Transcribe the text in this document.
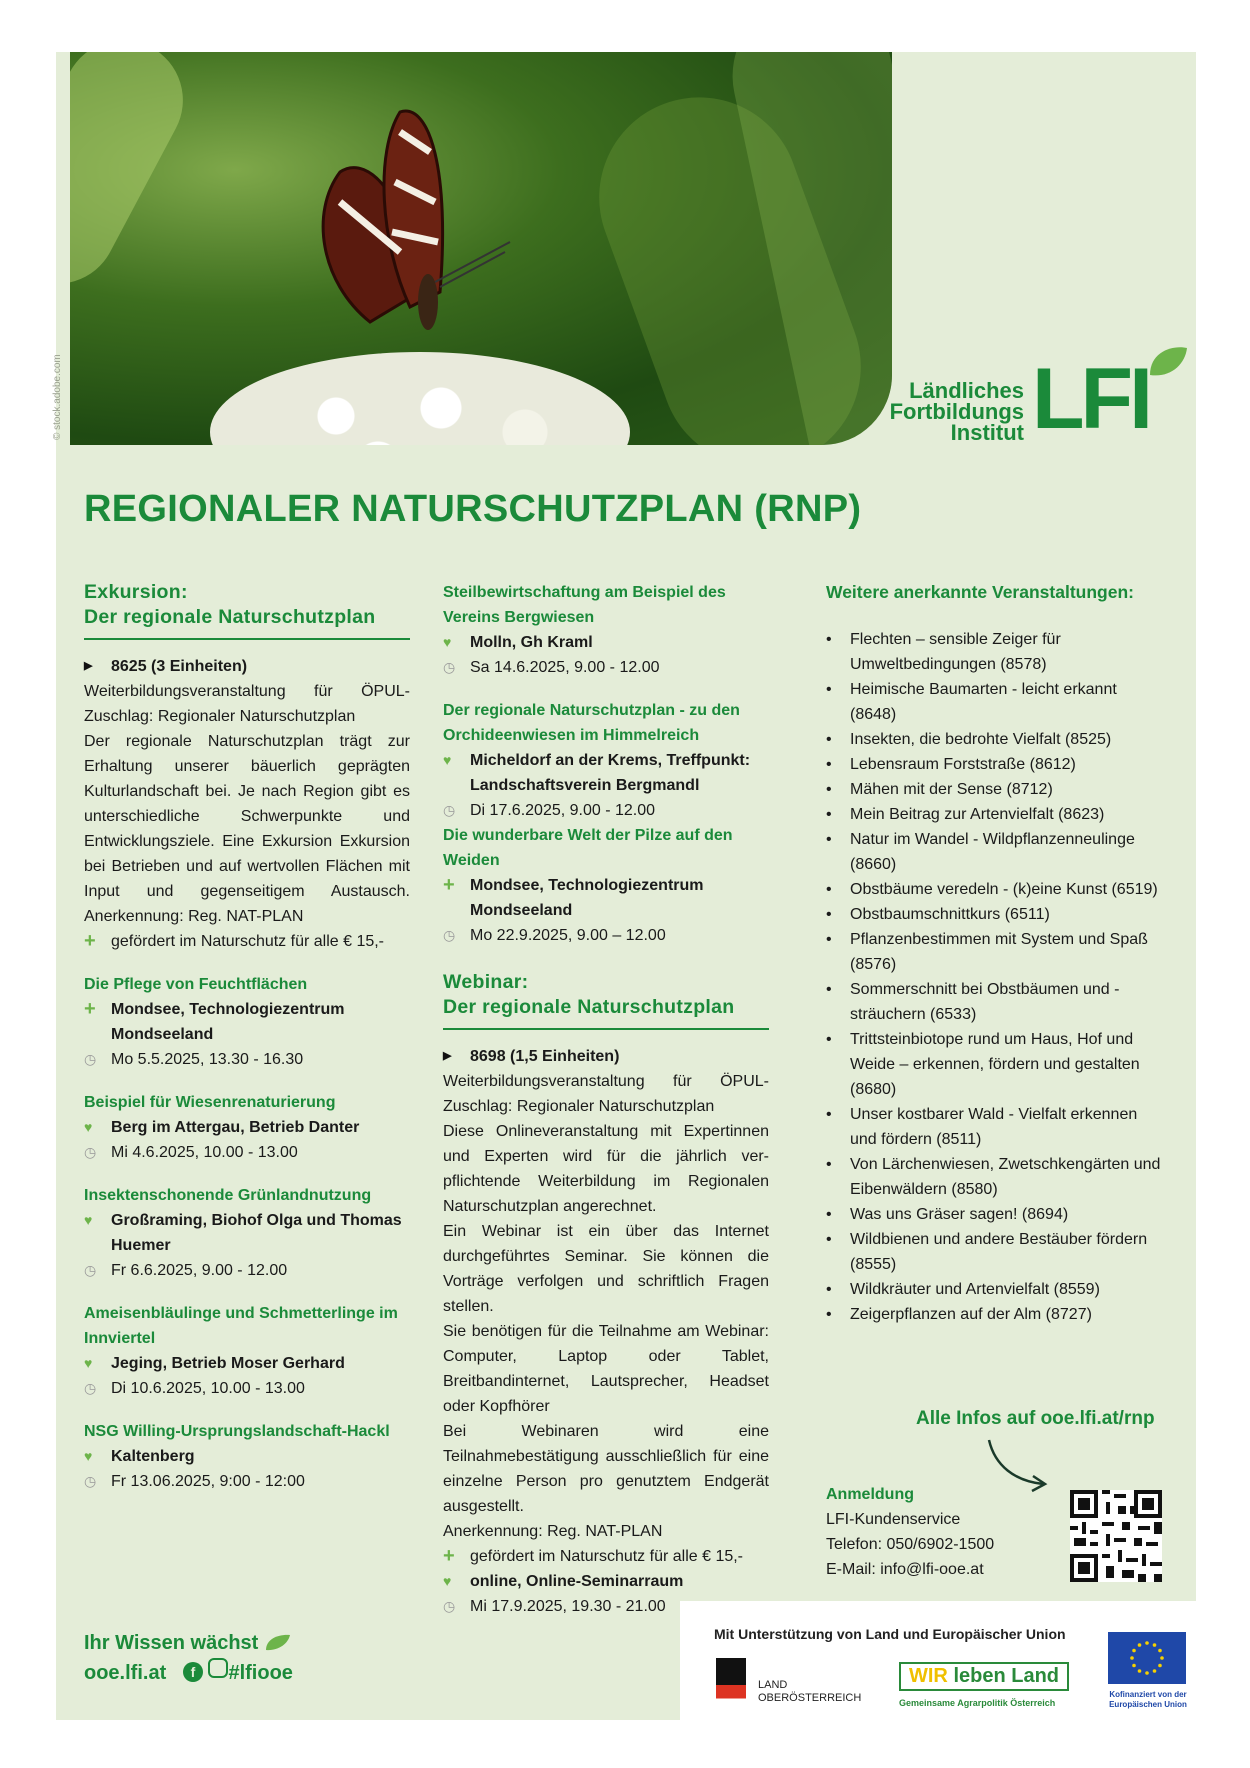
© stock.adobe.com	Ländliches
Fortbildungs
Institut LFI
REGIONALER NATURSCHUTZPLAN (RNP)
Exkursion:
Der regionale Naturschutzplan
▶	8625 (3 Einheiten)
Weiterbildungsveranstaltung für ÖPUL-Zuschlag: Regionaler Naturschutzplan
Der regionale Naturschutzplan trägt zur Erhaltung unserer bäuerlich geprägten Kulturlandschaft bei. Je nach Region gibt es unterschiedliche Schwerpunkte und Entwicklungsziele. Eine Exkursion Exkursion bei Betrieben und auf wertvollen Flächen mit Input und gegenseitigem Austausch. Anerkennung: Reg. NAT-PLAN
+ gefördert im Naturschutz für alle € 15,-
Die Pflege von Feuchtflächen
+ Mondsee, Technologiezentrum Mondseeland
◷ Mo 5.5.2025, 13.30 - 16.30
Beispiel für Wiesenrenaturierung
♥	Berg im Attergau, Betrieb Danter
◷ Mi 4.6.2025, 10.00 - 13.00
Insektenschonende Grünlandnutzung
♥	Großraming, Biohof Olga und Thomas Huemer
◷ Fr 6.6.2025, 9.00 - 12.00
Ameisenbläulinge und Schmetterlinge im Innviertel
♥	Jeging, Betrieb Moser Gerhard
◷ Di 10.6.2025, 10.00 - 13.00
NSG Willing-Ursprungslandschaft-Hackl
♥	Kaltenberg
◷ Fr 13.06.2025, 9:00 - 12:00
Steilbewirtschaftung am Beispiel des Vereins Bergwiesen
♥	Molln, Gh Kraml
◷ Sa 14.6.2025, 9.00 - 12.00
Der regionale Naturschutzplan - zu den Orchideenwiesen im Himmelreich
♥	Micheldorf an der Krems, Treffpunkt: Landschaftsverein Bergmandl
◷ Di 17.6.2025, 9.00 - 12.00
Die wunderbare Welt der Pilze auf den Weiden
+ Mondsee, Technologiezentrum Mondseeland
◷ Mo 22.9.2025, 9.00 – 12.00
Webinar:
Der regionale Naturschutzplan
▶	8698 (1,5 Einheiten)
Weiterbildungsveranstaltung für ÖPUL-Zuschlag: Regionaler Naturschutzplan
Diese Onlineveranstaltung mit Expertinnen und Experten wird für die jährlich ver-pflichtende Weiterbildung im Regionalen Naturschutzplan angerechnet.
Ein Webinar ist ein über das Internet durchgeführtes Seminar. Sie können die Vorträge verfolgen und schriftlich Fragen stellen.
Sie benötigen für die Teilnahme am Webinar: Computer, Laptop oder Tablet, Breitbandinternet, Lautsprecher, Headset oder Kopfhörer
Bei Webinaren wird eine Teilnahmebestätigung ausschließlich für eine einzelne Person pro genutztem Endgerät ausgestellt.
Anerkennung: Reg. NAT-PLAN
+ gefördert im Naturschutz für alle € 15,-
♥	online, Online-Seminarraum
◷ Mi 17.9.2025, 19.30 - 21.00
Weitere anerkannte Veranstaltungen:
• Flechten – sensible Zeiger für Umweltbedingungen (8578)
• Heimische Baumarten - leicht erkannt (8648)
• Insekten, die bedrohte Vielfalt (8525)
• Lebensraum Forststraße (8612)
• Mähen mit der Sense (8712)
• Mein Beitrag zur Artenvielfalt (8623)
• Natur im Wandel - Wildpflanzenneulinge (8660)
• Obstbäume veredeln - (k)eine Kunst (6519)
• Obstbaumschnittkurs (6511)
• Pflanzenbestimmen mit System und Spaß (8576)
• Sommerschnitt bei Obstbäumen und -sträuchern (6533)
• Trittsteinbiotope rund um Haus, Hof und Weide – erkennen, fördern und gestalten (8680)
• Unser kostbarer Wald - Vielfalt erkennen und fördern (8511)
• Von Lärchenwiesen, Zwetschkengärten und Eibenwäldern (8580)
• Was uns Gräser sagen! (8694)
• Wildbienen und andere Bestäuber fördern (8555)
• Wildkräuter und Artenvielfalt (8559)
• Zeigerpflanzen auf der Alm (8727)
Alle Infos auf ooe.lfi.at/rnp
Anmeldung
LFI-Kundenservice
Telefon: 050/6902-1500
E-Mail: info@lfi-ooe.at
Ihr Wissen wächst
ooe.lfi.at f #lfiooe
Mit Unterstützung von Land und Europäischer Union
LAND
OBERÖSTERREICH
WIR leben Land
Gemeinsame Agrarpolitik Österreich
Kofinanziert von der Europäischen Union
